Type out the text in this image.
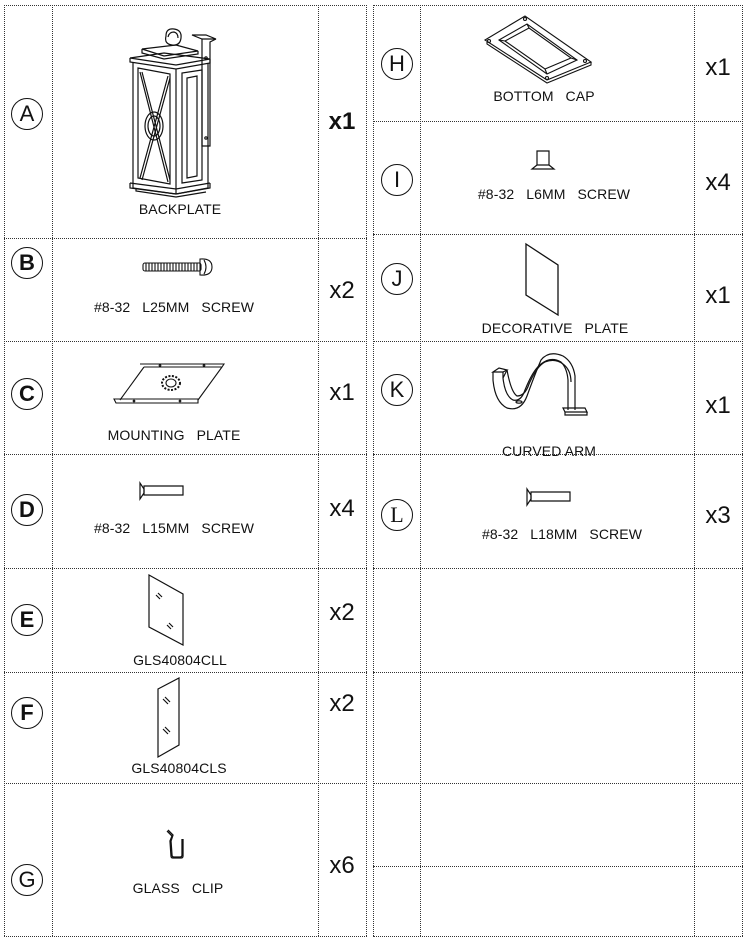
A
BACKPLATE
x1
B
#8-32   L25MM   SCREW
x2
C
MOUNTING   PLATE
x1
D
#8-32   L15MM   SCREW
x4
E
GLS40804CLL
x2
F
GLS40804CLS
x2
G	GLASS   CLIP
x6
H
BOTTOM   CAP
x1
I
#8-32   L6MM   SCREW	x4
J
DECORATIVE   PLATE
x1
K
CURVED ARM
x1
L
#8-32   L18MM   SCREW
x3
